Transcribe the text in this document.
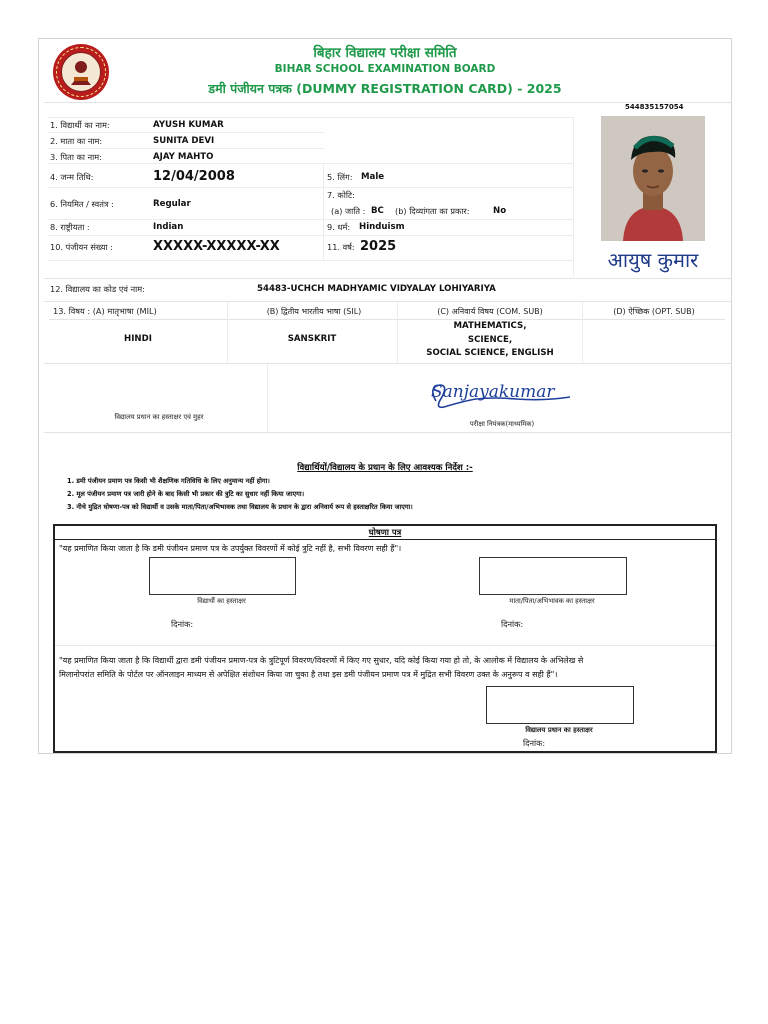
बिहार विद्यालय परीक्षा समिति
BIHAR SCHOOL EXAMINATION BOARD
डमी पंजीयन पत्रक (DUMMY REGISTRATION CARD) - 2025
544835157054
1. विद्यार्थी का नाम:	AYUSH KUMAR
2. माता का नाम:	SUNITA DEVI
3. पिता का नाम:	AJAY MAHTO
4. जन्म तिथि:	12/04/2008	5. लिंग: Male
7. कोटि:
6. नियमित / स्वतंत्र :	Regular
(a) जाति : BC (b) दिव्यांगता का प्रकार:	No
8. राष्ट्रीयता :	Indian	9. धर्म: Hinduism
10. पंजीयन संख्या :	XXXXX-XXXXX-XX	11. वर्ष: 2025
आयुष कुमार
12. विद्यालय का कोड एवं नाम:	54483-UCHCH MADHYAMIC VIDYALAY LOHIYARIYA
13. विषय : (A) मातृभाषा (MIL)	(B) द्वितीय भारतीय भाषा (SIL)	(C) अनिवार्य विषय (COM. SUB)	(D) ऐच्छिक (OPT. SUB)
HINDI	SANSKRIT
MATHEMATICS,
SCIENCE,
SOCIAL SCIENCE, ENGLISH
विद्यालय प्रधान का हस्ताक्षर एवं मुहर
Sanjayakumar
परीक्षा नियंत्रक(माध्यमिक)
विद्यार्थियों/विद्यालय के प्रधान के लिए आवश्यक निर्देश :-
1. डमी पंजीयन प्रमाण पत्र किसी भी शैक्षणिक गतिविधि के लिए अनुमान्य नहीं होगा।
2. मूल पंजीयन प्रमाण पत्र जारी होने के बाद किसी भी प्रकार की त्रुटि का सुधार नहीं किया जाएगा।
3. नीचे मुद्रित घोषणा-पत्र को विद्यार्थी व उसके माता/पिता/अभिभावक तथा विद्यालय के प्रधान के द्वारा अनिवार्य रूप से हस्ताक्षरित किया जाएगा।
घोषणा पत्र
"यह प्रमाणित किया जाता है कि डमी पंजीयन प्रमाण पत्र के उपर्युक्त विवरणों में कोई त्रुटि नहीं है, सभी विवरण सही हैं"।
विद्यार्थी का हस्ताक्षर	माता/पिता/अभिभावक का हस्ताक्षर
दिनांक:	दिनांक:
"यह प्रमाणित किया जाता है कि विद्यार्थी द्वारा डमी पंजीयन प्रमाण-पत्र के त्रुटिपूर्ण विवरण/विवरणों में किए गए सुधार, यदि कोई किया गया हो तो, के आलोक में विद्यालय के अभिलेख से
मिलानोपरांत समिति के पोर्टल पर ऑनलाइन माध्यम से अपेक्षित संशोधन किया जा चुका है तथा इस डमी पंजीयन प्रमाण पत्र में मुद्रित सभी विवरण उक्त के अनुरूप व सही हैं"।
विद्यालय प्रधान का हस्ताक्षर
दिनांक:
